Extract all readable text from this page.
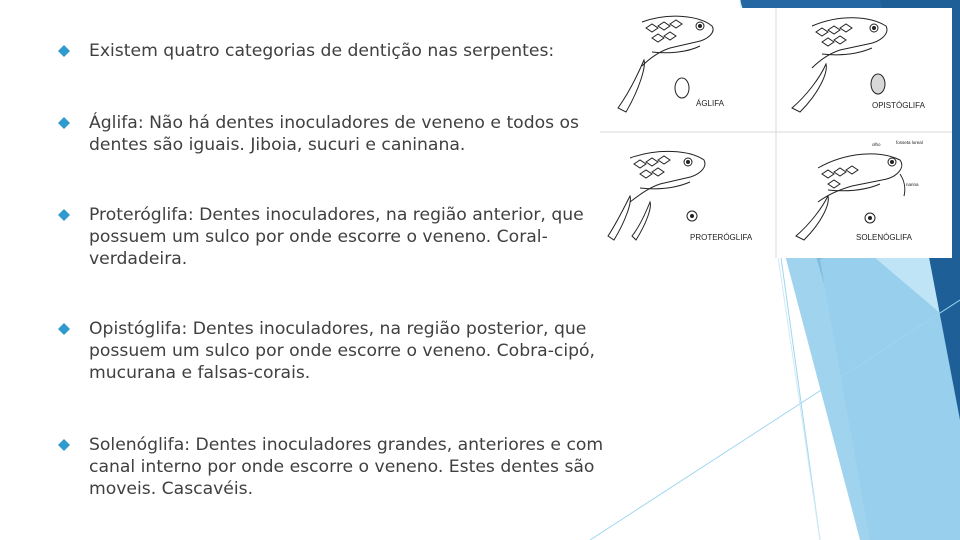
Existem quatro categorias de dentição nas serpentes:
Áglifa: Não há dentes inoculadores de veneno e todos os dentes são iguais. Jiboia, sucuri e caninana.
Proteróglifa: Dentes inoculadores, na região anterior, que possuem um sulco por onde escorre o veneno. Coral-verdadeira.
Opistóglifa: Dentes inoculadores, na região posterior, que possuem um sulco por onde escorre o veneno. Cobra-cipó, mucurana e falsas-corais.
Solenóglifa: Dentes inoculadores grandes, anteriores e com canal interno por onde escorre o veneno. Estes dentes são moveis. Cascavéis.
ÁGLIFA	OPISTÓGLIFA
PROTERÓGLIFA
olho	fosseta loreal
narina
SOLENÓGLIFA
